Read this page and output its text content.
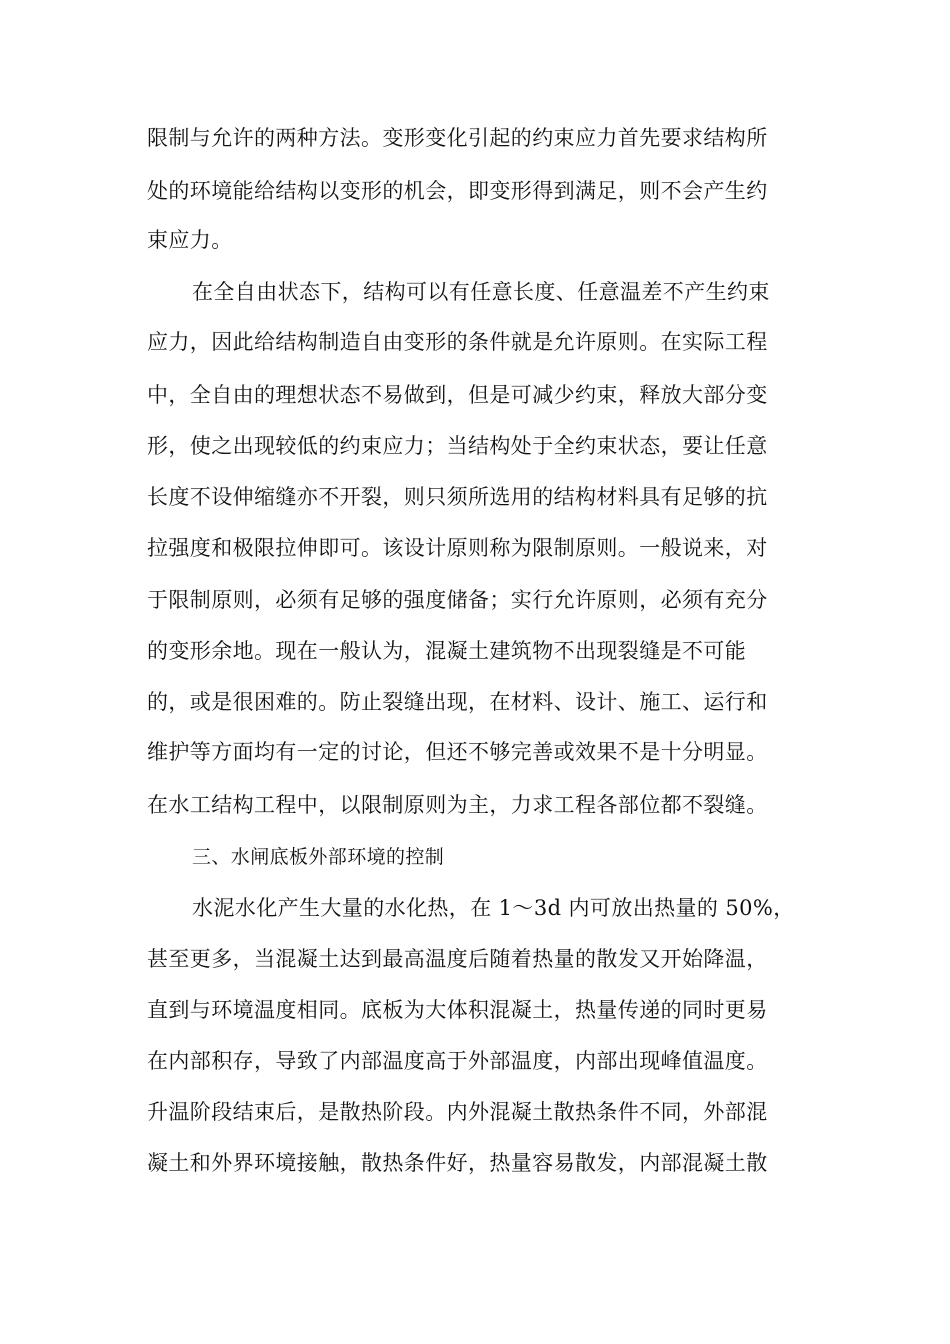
限制与允许的两种方法。变形变化引起的约束应力首先要求结构所
处的环境能给结构以变形的机会，即变形得到满足，则不会产生约
束应力。
在全自由状态下，结构可以有任意长度、任意温差不产生约束
应力，因此给结构制造自由变形的条件就是允许原则。在实际工程
中，全自由的理想状态不易做到，但是可减少约束，释放大部分变
形，使之出现较低的约束应力；当结构处于全约束状态，要让任意
长度不设伸缩缝亦不开裂，则只须所选用的结构材料具有足够的抗
拉强度和极限拉伸即可。该设计原则称为限制原则。一般说来，对
于限制原则，必须有足够的强度储备；实行允许原则，必须有充分
的变形余地。现在一般认为，混凝土建筑物不出现裂缝是不可能
的，或是很困难的。防止裂缝出现，在材料、设计、施工、运行和
维护等方面均有一定的讨论，但还不够完善或效果不是十分明显。
在水工结构工程中，以限制原则为主，力求工程各部位都不裂缝。
三、水闸底板外部环境的控制
水泥水化产生大量的水化热，在 1～3d 内可放出热量的 50%，
甚至更多，当混凝土达到最高温度后随着热量的散发又开始降温，
直到与环境温度相同。底板为大体积混凝土，热量传递的同时更易
在内部积存，导致了内部温度高于外部温度，内部出现峰值温度。
升温阶段结束后，是散热阶段。内外混凝土散热条件不同，外部混
凝土和外界环境接触，散热条件好，热量容易散发，内部混凝土散
